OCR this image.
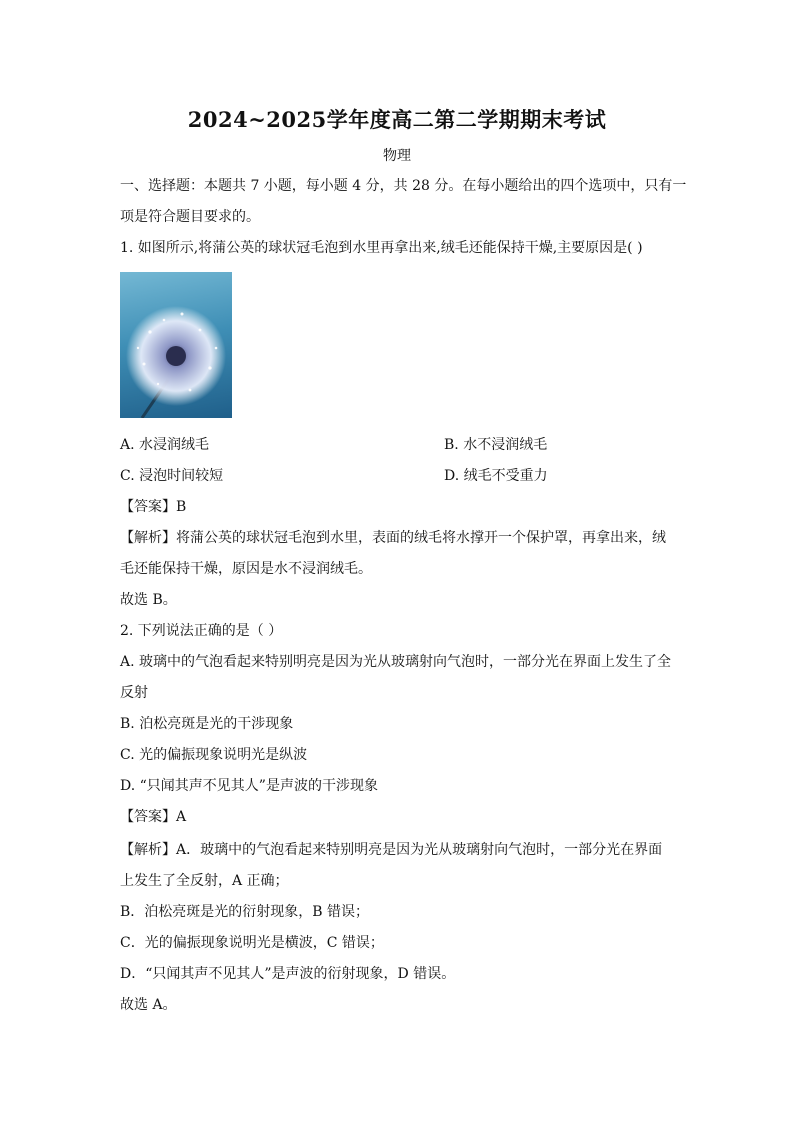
2024~2025学年度高二第二学期期末考试
物理
一、选择题：本题共 7 小题，每小题 4 分，共 28 分。在每小题给出的四个选项中，只有一
项是符合题目要求的。
1. 如图所示,将蒲公英的球状冠毛泡到水里再拿出来,绒毛还能保持干燥,主要原因是( )
A. 水浸润绒毛	B. 水不浸润绒毛
C. 浸泡时间较短	D. 绒毛不受重力
【答案】B
【解析】将蒲公英的球状冠毛泡到水里，表面的绒毛将水撑开一个保护罩，再拿出来，绒
毛还能保持干燥，原因是水不浸润绒毛。
故选 B。
2. 下列说法正确的是（ ）
A. 玻璃中的气泡看起来特别明亮是因为光从玻璃射向气泡时，一部分光在界面上发生了全
反射
B. 泊松亮斑是光的干涉现象
C. 光的偏振现象说明光是纵波
D. “只闻其声不见其人”是声波的干涉现象
【答案】A
【解析】A．玻璃中的气泡看起来特别明亮是因为光从玻璃射向气泡时，一部分光在界面
上发生了全反射，A 正确；
B．泊松亮斑是光的衍射现象，B 错误；
C．光的偏振现象说明光是横波，C 错误；
D．“只闻其声不见其人”是声波的衍射现象，D 错误。
故选 A。
